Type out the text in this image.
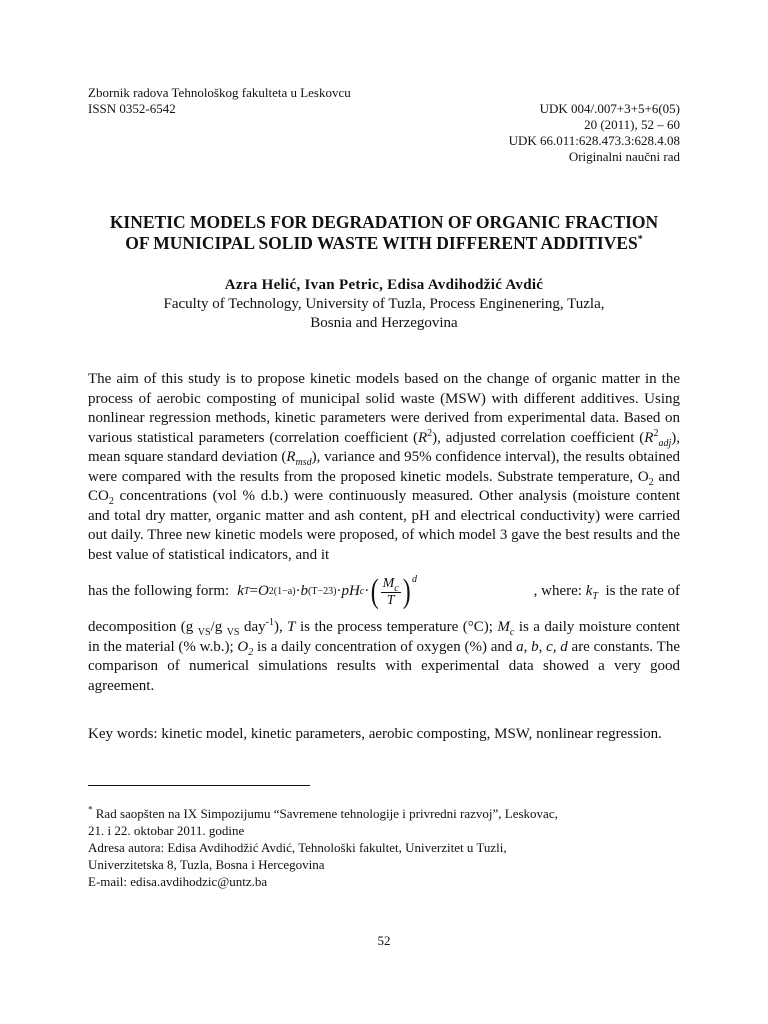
Zbornik radova Tehnološkog fakulteta u Leskovcu
ISSN 0352-6542	UDK 004/.007+3+5+6(05)
20 (2011), 52 – 60
UDK 66.011:628.473.3:628.4.08
Originalni naučni rad
KINETIC MODELS FOR DEGRADATION OF ORGANIC FRACTION
OF MUNICIPAL SOLID WASTE WITH DIFFERENT ADDITIVES*
Azra Helić, Ivan Petric, Edisa Avdihodžić Avdić
Faculty of Technology, University of Tuzla, Process Enginenering, Tuzla,
Bosnia and Herzegovina

The aim of this study is to propose kinetic models based on the change of organic matter in the process of aerobic composting of municipal solid waste (MSW) with different additives. Using nonlinear regression methods, kinetic parameters were derived from experimental data. Based on various statistical parameters (correlation coefficient $(R^2)$, adjusted correlation coefficient $(R^2_{adj})$, mean square standard deviation $(R_{msd})$, variance and 95% confidence interval), the results obtained were compared with the results from the proposed kinetic models. Substrate temperature, $O_2$ and $CO_2$ concentrations (vol % d.b.) were continuously measured. Other analysis (moisture content and total dry matter, organic matter and ash content, pH and electrical conductivity) were carried out daily. Three new kinetic models were proposed, of which model 3 gave the best results and the best value of statistical indicators, and it

has the following form: k T = O 2 (1−a) · b (T−23) · pH c · ( $\frac{M_c}{T} )^d$
, where: $k_T$ is the rate of

decomposition (g $_{VS}$/g $_{VS}$ day$^{-1}$), T is the process temperature (°C); $M_c$ is a daily moisture content in the material (% w.b.); $O_2$ is a daily concentration of oxygen (%) and a, b, c, d are constants. The comparison of numerical simulations results with experimental data showed a very good agreement.

Key words: kinetic model, kinetic parameters, aerobic composting, MSW, nonlinear regression.
* Rad saopšten na IX Simpozijumu “Savremene tehnologije i privredni razvoj”, Leskovac,
21. i 22. oktobar 2011. godine
Adresa autora: Edisa Avdihodžić Avdić, Tehnološki fakultet, Univerzitet u Tuzli,
Univerzitetska 8, Tuzla, Bosna i Hercegovina
E-mail: edisa.avdihodzic@untz.ba
52
